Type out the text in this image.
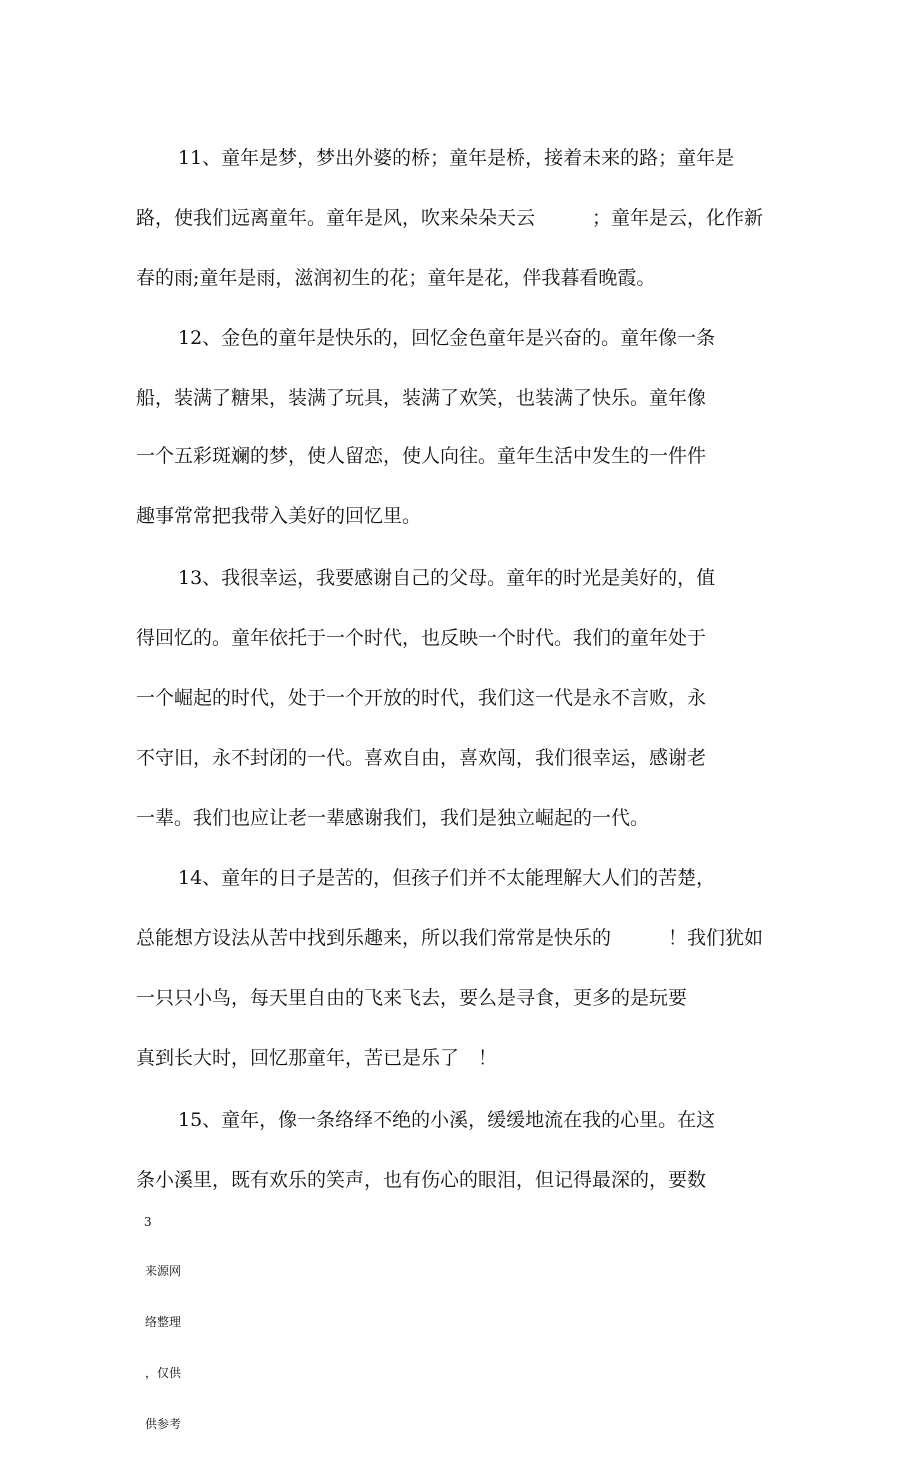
11、童年是梦，梦出外婆的桥；童年是桥，接着未来的路；童年是

路，使我们远离童年。童年是风，吹来朵朵天云　　　；童年是云，化作新

春的雨;童年是雨，滋润初生的花；童年是花，伴我暮看晚霞。

12、金色的童年是快乐的，回忆金色童年是兴奋的。童年像一条

船，装满了糖果，装满了玩具，装满了欢笑，也装满了快乐。童年像

一个五彩斑斓的梦，使人留恋，使人向往。童年生活中发生的一件件

趣事常常把我带入美好的回忆里。

13、我很幸运，我要感谢自己的父母。童年的时光是美好的，值

得回忆的。童年依托于一个时代，也反映一个时代。我们的童年处于

一个崛起的时代，处于一个开放的时代，我们这一代是永不言败，永

不守旧，永不封闭的一代。喜欢自由，喜欢闯，我们很幸运，感谢老

一辈。我们也应让老一辈感谢我们，我们是独立崛起的一代。

14、童年的日子是苦的，但孩子们并不太能理解大人们的苦楚，

总能想方设法从苦中找到乐趣来，所以我们常常是快乐的　　　！我们犹如

一只只小鸟，每天里自由的飞来飞去，要么是寻食，更多的是玩要

真到长大时，回忆那童年，苦已是乐了　！

15、童年，像一条络绎不绝的小溪，缓缓地流在我的心里。在这

条小溪里，既有欢乐的笑声，也有伤心的眼泪，但记得最深的，要数

3

来源网

络整理

，仅供

供参考
